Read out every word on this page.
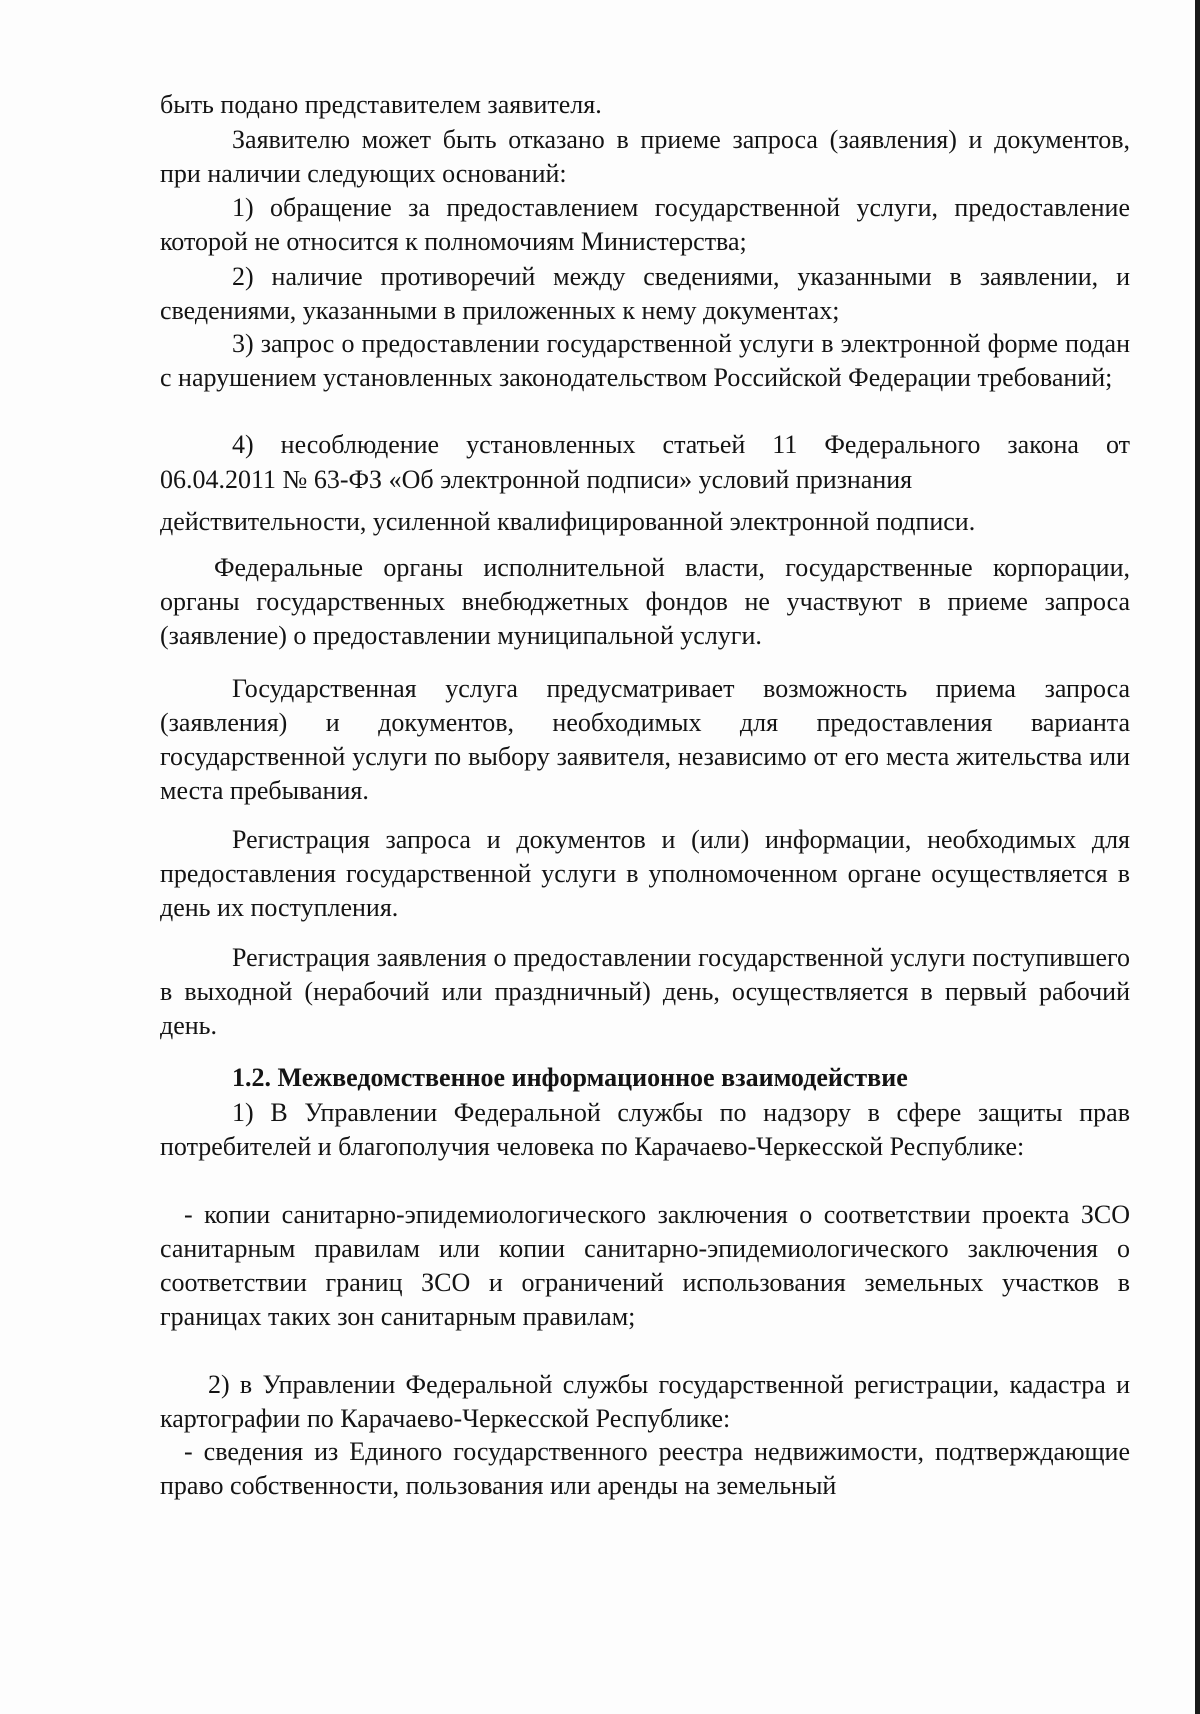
быть подано представителем заявителя.

Заявителю может быть отказано в приеме запроса (заявления) и документов, при наличии следующих оснований:

1) обращение за предоставлением государственной услуги, предоставление которой не относится к полномочиям Министерства;

2) наличие противоречий между сведениями, указанными в заявлении, и сведениями, указанными в приложенных к нему документах;

3) запрос о предоставлении государственной услуги в электронной форме подан с нарушением установленных законодательством Российской Федерации требований;

4) несоблюдение установленных статьей 11 Федерального закона от

06.04.2011 № 63-ФЗ «Об электронной подписи» условий признания

действительности, усиленной квалифицированной электронной подписи.

Федеральные органы исполнительной власти, государственные корпорации, органы государственных внебюджетных фондов не участвуют в приеме запроса (заявление) о предоставлении муниципальной услуги.

Государственная услуга предусматривает возможность приема запроса (заявления) и документов, необходимых для предоставления варианта государственной услуги по выбору заявителя, независимо от его места жительства или места пребывания.

Регистрация запроса и документов и (или) информации, необходимых для предоставления государственной услуги в уполномоченном органе осуществляется в день их поступления.

Регистрация заявления о предоставлении государственной услуги поступившего в выходной (нерабочий или праздничный) день, осуществляется в первый рабочий день.

1.2. Межведомственное информационное взаимодействие

1) В Управлении Федеральной службы по надзору в сфере защиты прав потребителей и благополучия человека по Карачаево-Черкесской Республике:

- копии санитарно-эпидемиологического заключения о соответствии проекта ЗСО санитарным правилам или копии санитарно-эпидемиологического заключения о соответствии границ ЗСО и ограничений использования земельных участков в границах таких зон санитарным правилам;

2) в Управлении Федеральной службы государственной регистрации, кадастра и картографии по Карачаево-Черкесской Республике:

- сведения из Единого государственного реестра недвижимости, подтверждающие право собственности, пользования или аренды на земельный
